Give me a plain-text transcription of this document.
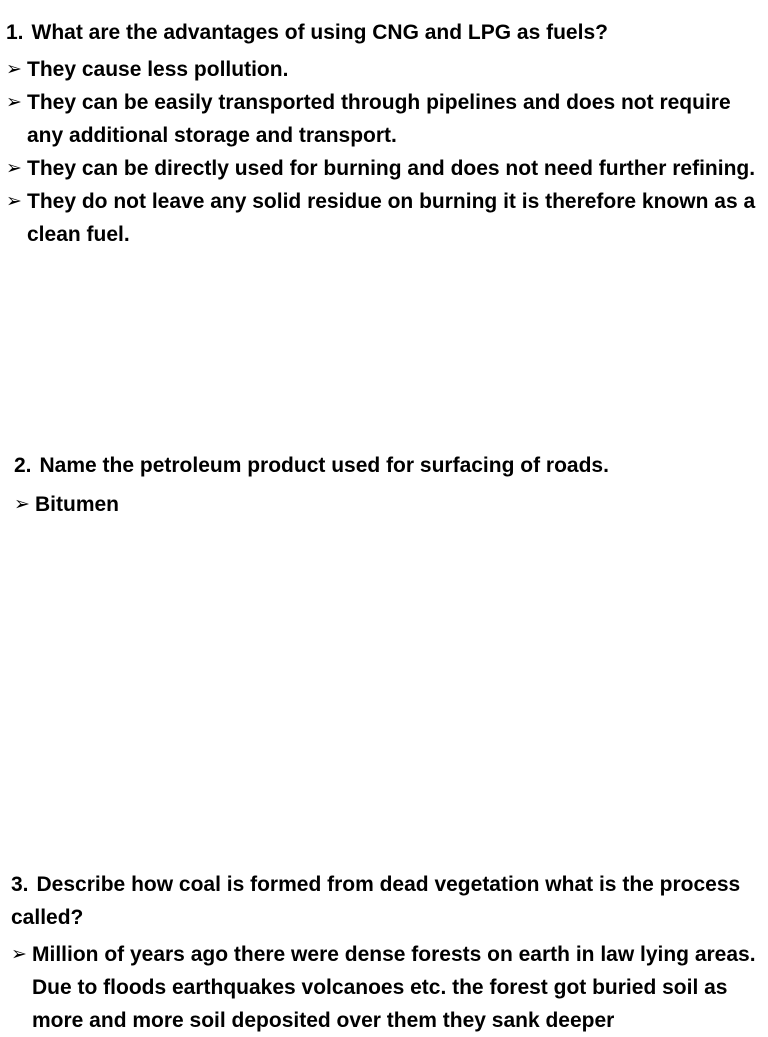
1. What are the advantages of using CNG and LPG as fuels?

➢ They cause less pollution.
➢ They can be easily transported through pipelines and does not require any additional storage and transport.
➢ They can be directly used for burning and does not need further refining.
➢ They do not leave any solid residue on burning it is therefore known as a clean fuel.

2. Name the petroleum product used for surfacing of roads.

➢ Bitumen

3. Describe how coal is formed from dead vegetation what is the process called?

➢ Million of years ago there were dense forests on earth in law lying areas. Due to floods earthquakes volcanoes etc. the forest got buried soil as more and more soil deposited over them they sank deeper
